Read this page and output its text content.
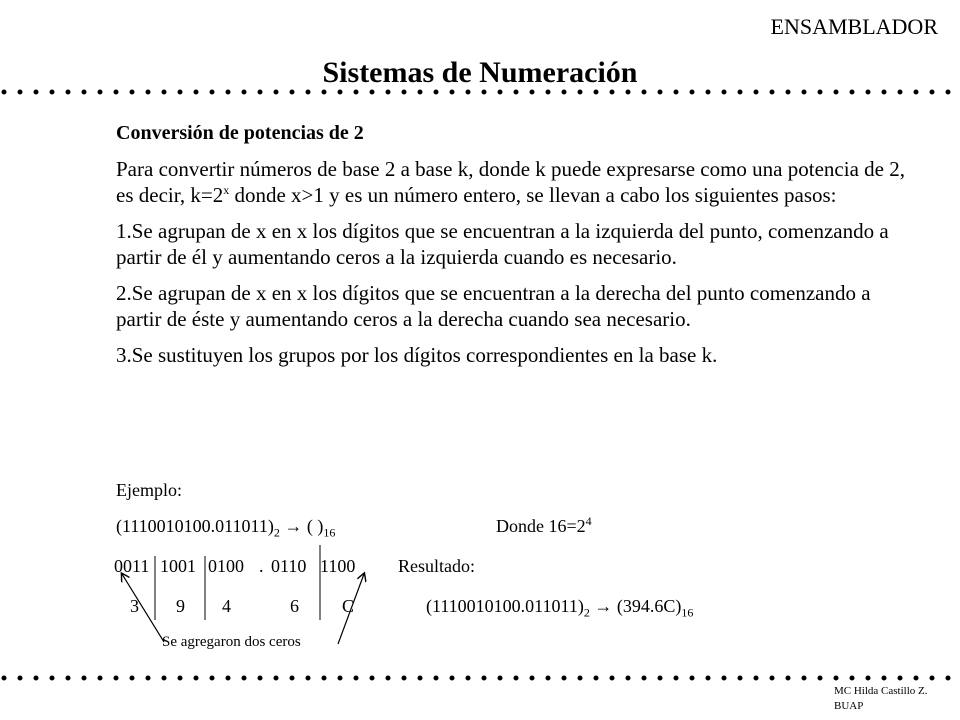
ENSAMBLADOR
Sistemas de Numeración

Conversión de potencias de 2

Para convertir números de base 2 a base k, donde k puede expresarse como una potencia de 2, es decir, $k=2^x$ donde x>1 y es un número entero, se llevan a cabo los siguientes pasos:

1.Se agrupan de x en x los dígitos que se encuentran a la izquierda del punto, comenzando a partir de él y aumentando ceros a la izquierda cuando es necesario.

2.Se agrupan de x en x los dígitos que se encuentran a la derecha del punto comenzando a partir de éste y aumentando ceros a la derecha cuando sea necesario.

3.Se sustituyen los grupos por los dígitos correspondientes en la base k.

Ejemplo:
$(1110010100.011011)_2$ → ( )$_{16}$	Donde $16=2^4$
0011 1001 0100 . 0110 1100 Resultado:
3 9 4	6 C	$(1110010100.011011)_2 \to (394.6C)_{16}$
Se agregaron dos ceros
MC Hilda Castillo Z.
BUAP
